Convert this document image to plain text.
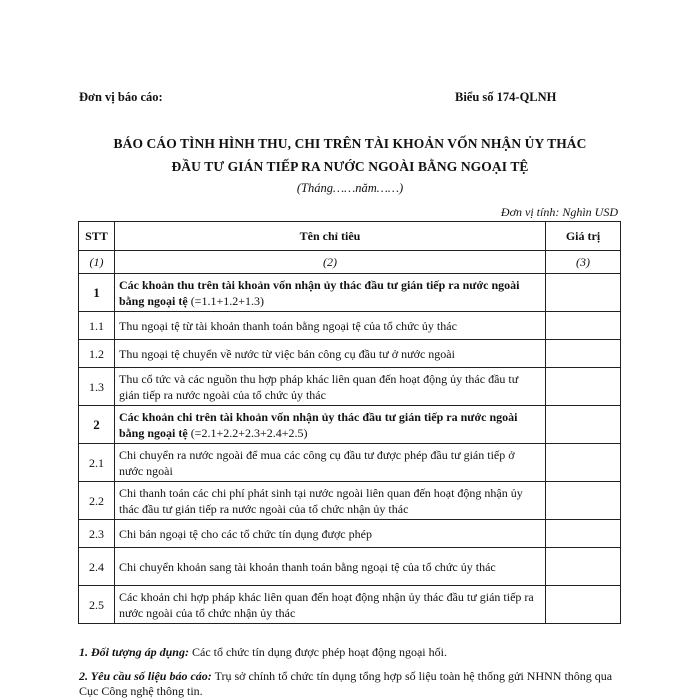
Đơn vị báo cáo:	Biểu số 174-QLNH
BÁO CÁO TÌNH HÌNH THU, CHI TRÊN TÀI KHOẢN VỐN NHẬN ỦY THÁC
ĐẦU TƯ GIÁN TIẾP RA NƯỚC NGOÀI BẰNG NGOẠI TỆ
(Tháng……năm……)
Đơn vị tính: Nghìn USD
STT	Tên chỉ tiêu	Giá trị
(1)	(2)	(3)
1	Các khoản thu trên tài khoản vốn nhận ủy thác đầu tư gián tiếp ra nước ngoài bằng ngoại tệ (=1.1+1.2+1.3)	
1.1	Thu ngoại tệ từ tài khoản thanh toán bằng ngoại tệ của tổ chức ủy thác	
1.2	Thu ngoại tệ chuyển về nước từ việc bán công cụ đầu tư ở nước ngoài	
1.3	Thu cổ tức và các nguồn thu hợp pháp khác liên quan đến hoạt động ủy thác đầu tư gián tiếp ra nước ngoài của tổ chức ủy thác	
2	Các khoản chi trên tài khoản vốn nhận ủy thác đầu tư gián tiếp ra nước ngoài bằng ngoại tệ (=2.1+2.2+2.3+2.4+2.5)	
2.1	Chi chuyển ra nước ngoài để mua các công cụ đầu tư được phép đầu tư gián tiếp ở nước ngoài	
2.2	Chi thanh toán các chi phí phát sinh tại nước ngoài liên quan đến hoạt động nhận ủy thác đầu tư gián tiếp ra nước ngoài của tổ chức nhận ủy thác	
2.3	Chi bán ngoại tệ cho các tổ chức tín dụng được phép	
2.4	Chi chuyển khoản sang tài khoản thanh toán bằng ngoại tệ của tổ chức ủy thác	
2.5	Các khoản chi hợp pháp khác liên quan đến hoạt động nhận ủy thác đầu tư gián tiếp ra nước ngoài của tổ chức nhận ủy thác	
1. Đối tượng áp dụng: Các tổ chức tín dụng được phép hoạt động ngoại hối.
2. Yêu cầu số liệu báo cáo: Trụ sở chính tổ chức tín dụng tổng hợp số liệu toàn hệ thống gửi NHNN thông qua Cục Công nghệ thông tin.
